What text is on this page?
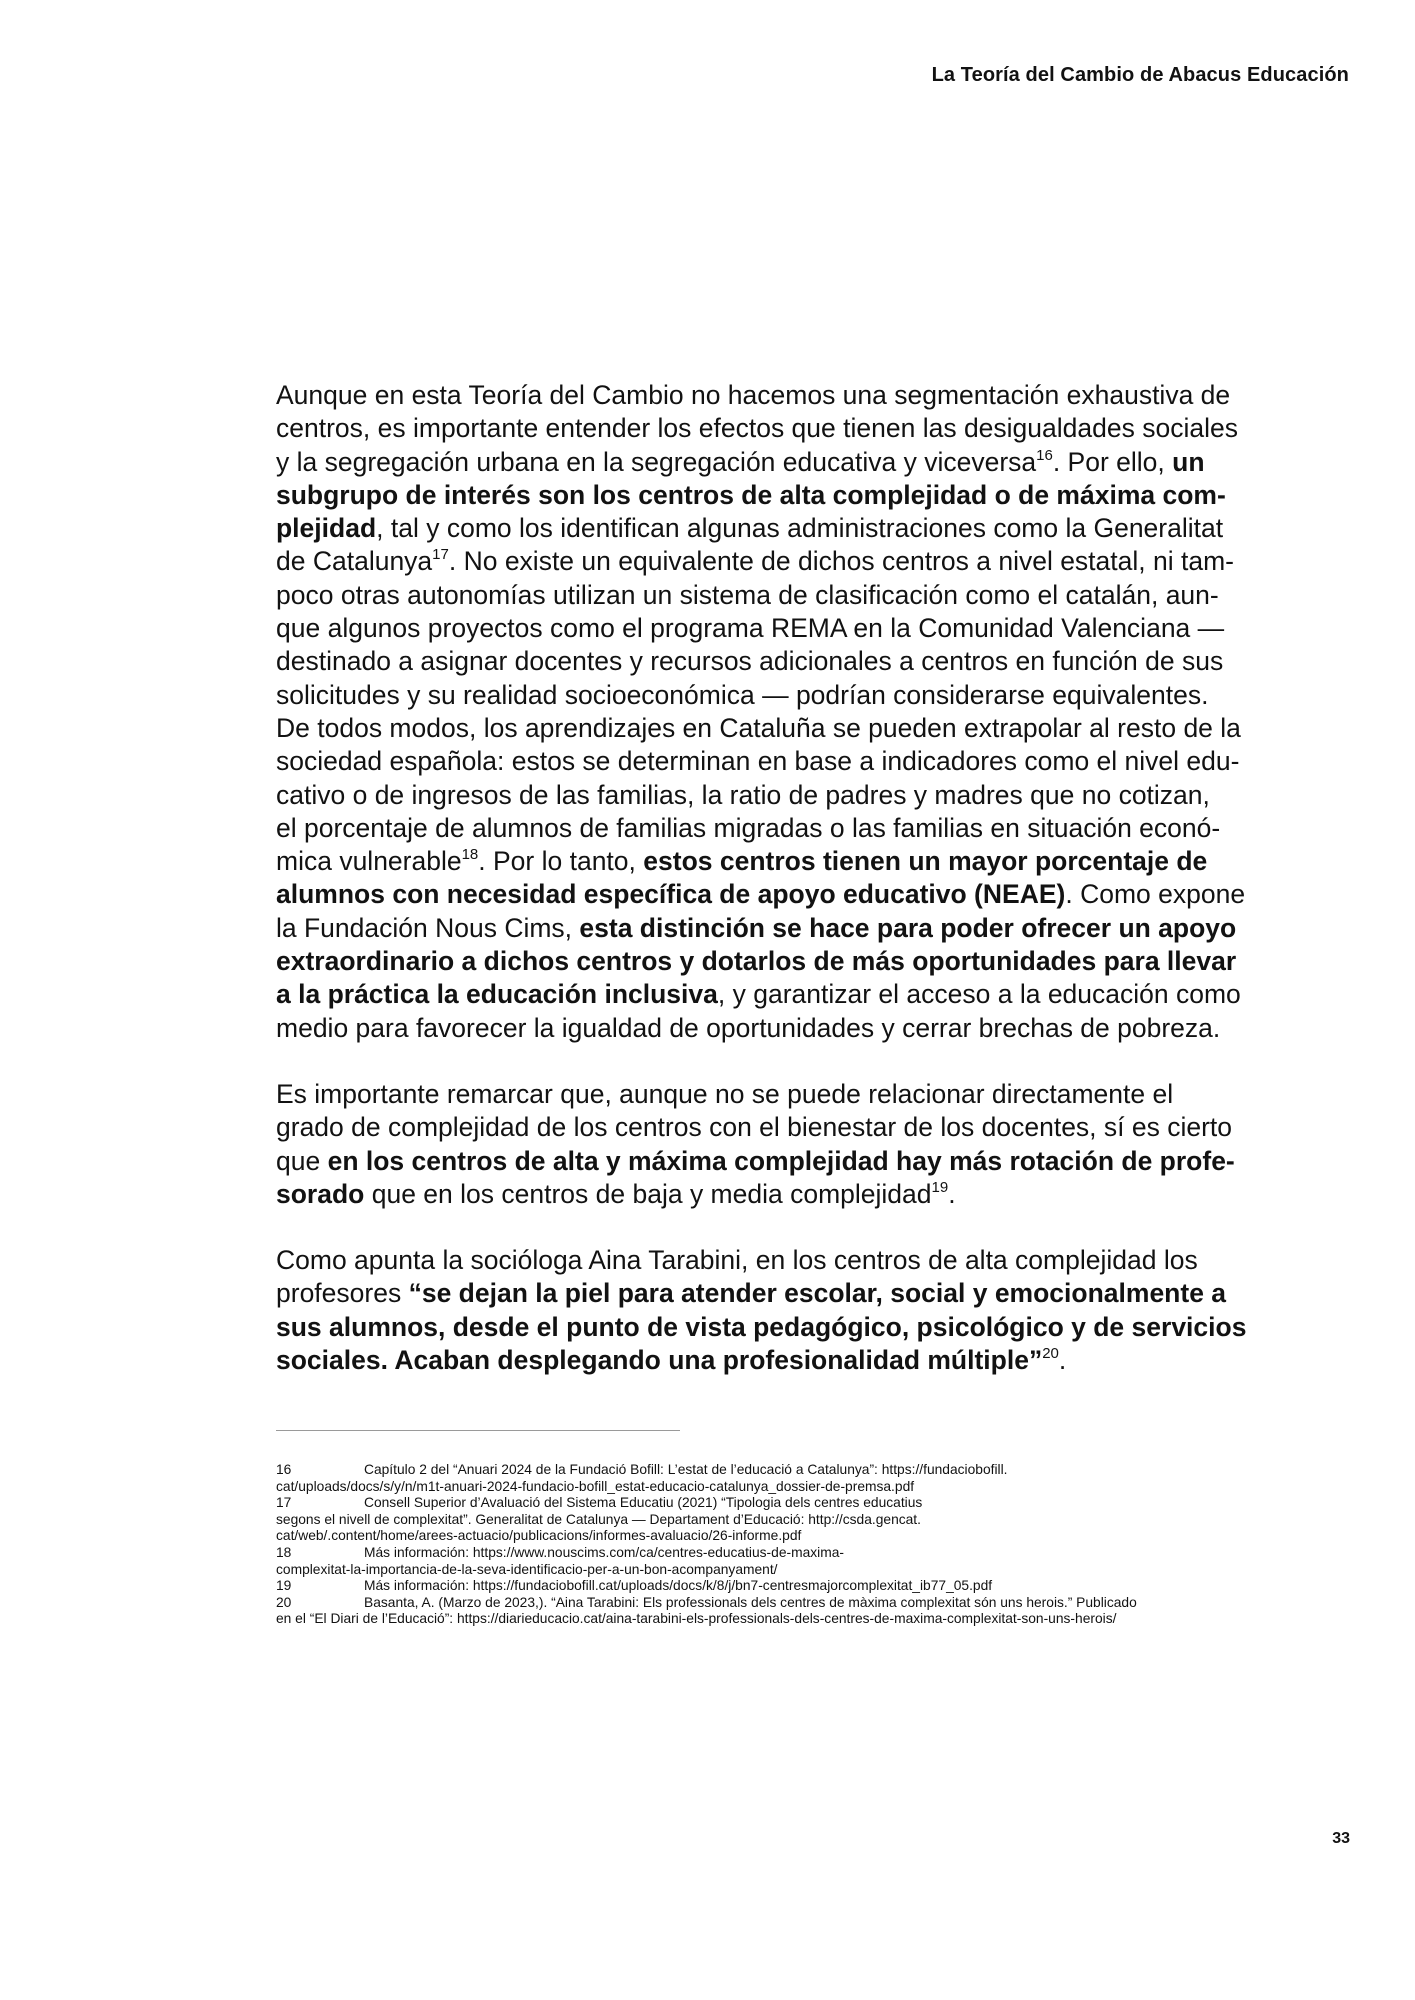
La Teoría del Cambio de Abacus Educación

Aunque en esta Teoría del Cambio no hacemos una segmentación exhaustiva de
centros, es importante entender los efectos que tienen las desigualdades sociales
y la segregación urbana en la segregación educativa y viceversa$^{16}$. Por ello, un
subgrupo de interés son los centros de alta complejidad o de máxima com-
plejidad, tal y como los identifican algunas administraciones como la Generalitat
de Catalunya$^{17}$. No existe un equivalente de dichos centros a nivel estatal, ni tam-
poco otras autonomías utilizan un sistema de clasificación como el catalán, aun-
que algunos proyectos como el programa REMA en la Comunidad Valenciana —
destinado a asignar docentes y recursos adicionales a centros en función de sus
solicitudes y su realidad socioeconómica — podrían considerarse equivalentes.
De todos modos, los aprendizajes en Cataluña se pueden extrapolar al resto de la
sociedad española: estos se determinan en base a indicadores como el nivel edu-
cativo o de ingresos de las familias, la ratio de padres y madres que no cotizan,
el porcentaje de alumnos de familias migradas o las familias en situación econó-
mica vulnerable$^{18}$. Por lo tanto, estos centros tienen un mayor porcentaje de
alumnos con necesidad específica de apoyo educativo (NEAE). Como expone
la Fundación Nous Cims, esta distinción se hace para poder ofrecer un apoyo
extraordinario a dichos centros y dotarlos de más oportunidades para llevar
a la práctica la educación inclusiva, y garantizar el acceso a la educación como
medio para favorecer la igualdad de oportunidades y cerrar brechas de pobreza.

Es importante remarcar que, aunque no se puede relacionar directamente el
grado de complejidad de los centros con el bienestar de los docentes, sí es cierto
que en los centros de alta y máxima complejidad hay más rotación de profe-
sorado que en los centros de baja y media complejidad$^{19}$.

Como apunta la socióloga Aina Tarabini, en los centros de alta complejidad los
profesores “se dejan la piel para atender escolar, social y emocionalmente a
sus alumnos, desde el punto de vista pedagógico, psicológico y de servicios
sociales. Acaban desplegando una profesionalidad múltiple”$^{20}$.

16	Capítulo 2 del “Anuari 2024 de la Fundació Bofill: L’estat de l’educació a Catalunya”: https://fundaciobofill.
cat/uploads/docs/s/y/n/m1t-anuari-2024-fundacio-bofill_estat-educacio-catalunya_dossier-de-premsa.pdf
17	Consell Superior d’Avaluació del Sistema Educatiu (2021) “Tipologia dels centres educatius
segons el nivell de complexitat”. Generalitat de Catalunya — Departament d’Educació: http://csda.gencat.
cat/web/.content/home/arees-actuacio/publicacions/informes-avaluacio/26-informe.pdf
18	Más información: https://www.nouscims.com/ca/centres-educatius-de-maxima-
complexitat-la-importancia-de-la-seva-identificacio-per-a-un-bon-acompanyament/
19	Más información: https://fundaciobofill.cat/uploads/docs/k/8/j/bn7-centresmajorcomplexitat_ib77_05.pdf
20	Basanta, A. (Marzo de 2023,). “Aina Tarabini: Els professionals dels centres de màxima complexitat són uns herois.” Publicado
en el “El Diari de l’Educació”: https://diarieducacio.cat/aina-tarabini-els-professionals-dels-centres-de-maxima-complexitat-son-uns-herois/
33
